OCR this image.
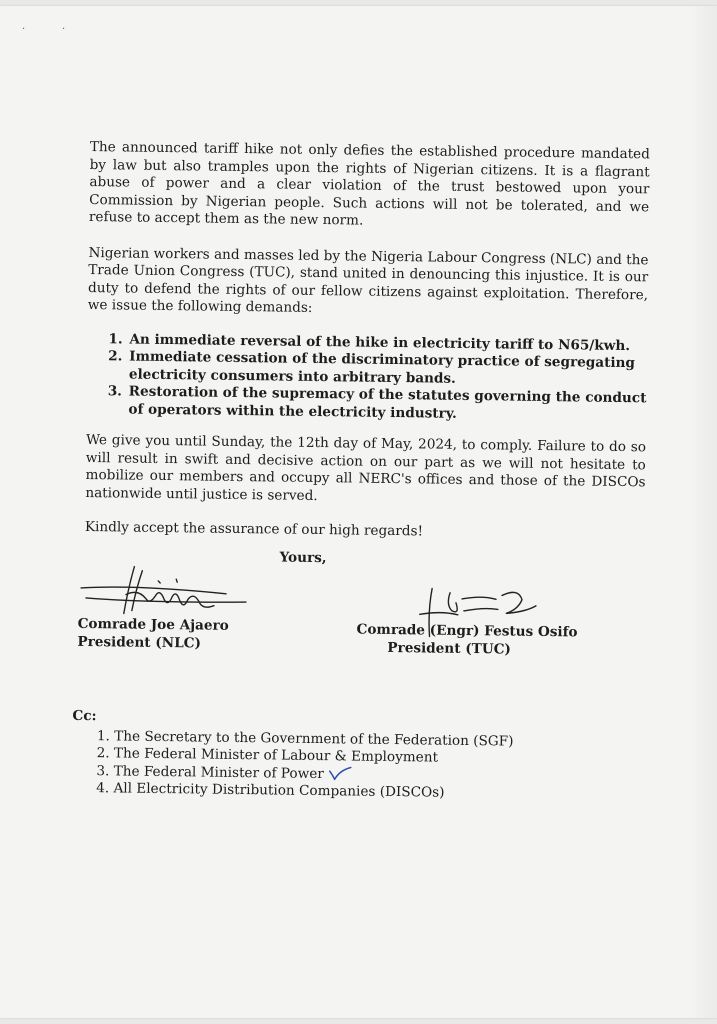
·	·

The announced tariff hike not only defies the established procedure mandated by law but also tramples upon the rights of Nigerian citizens. It is a flagrant abuse of power and a clear violation of the trust bestowed upon your Commission by Nigerian people. Such actions will not be tolerated, and we refuse to accept them as the new norm.

Nigerian workers and masses led by the Nigeria Labour Congress (NLC) and the Trade Union Congress (TUC), stand united in denouncing this injustice. It is our duty to defend the rights of our fellow citizens against exploitation. Therefore, we issue the following demands:

1. An immediate reversal of the hike in electricity tariff to N65/kwh.
2. Immediate cessation of the discriminatory practice of segregating electricity consumers into arbitrary bands.
3. Restoration of the supremacy of the statutes governing the conduct of operators within the electricity industry.

We give you until Sunday, the 12th day of May, 2024, to comply. Failure to do so will result in swift and decisive action on our part as we will not hesitate to mobilize our members and occupy all NERC's offices and those of the DISCOs nationwide until justice is served.

Kindly accept the assurance of our high regards!

Yours,
Comrade Joe Ajaero
President (NLC)
Comrade (Engr) Festus Osifo
President (TUC)
Cc:
1. The Secretary to the Government of the Federation (SGF)
2. The Federal Minister of Labour & Employment
3. The Federal Minister of Power
4. All Electricity Distribution Companies (DISCOs)
